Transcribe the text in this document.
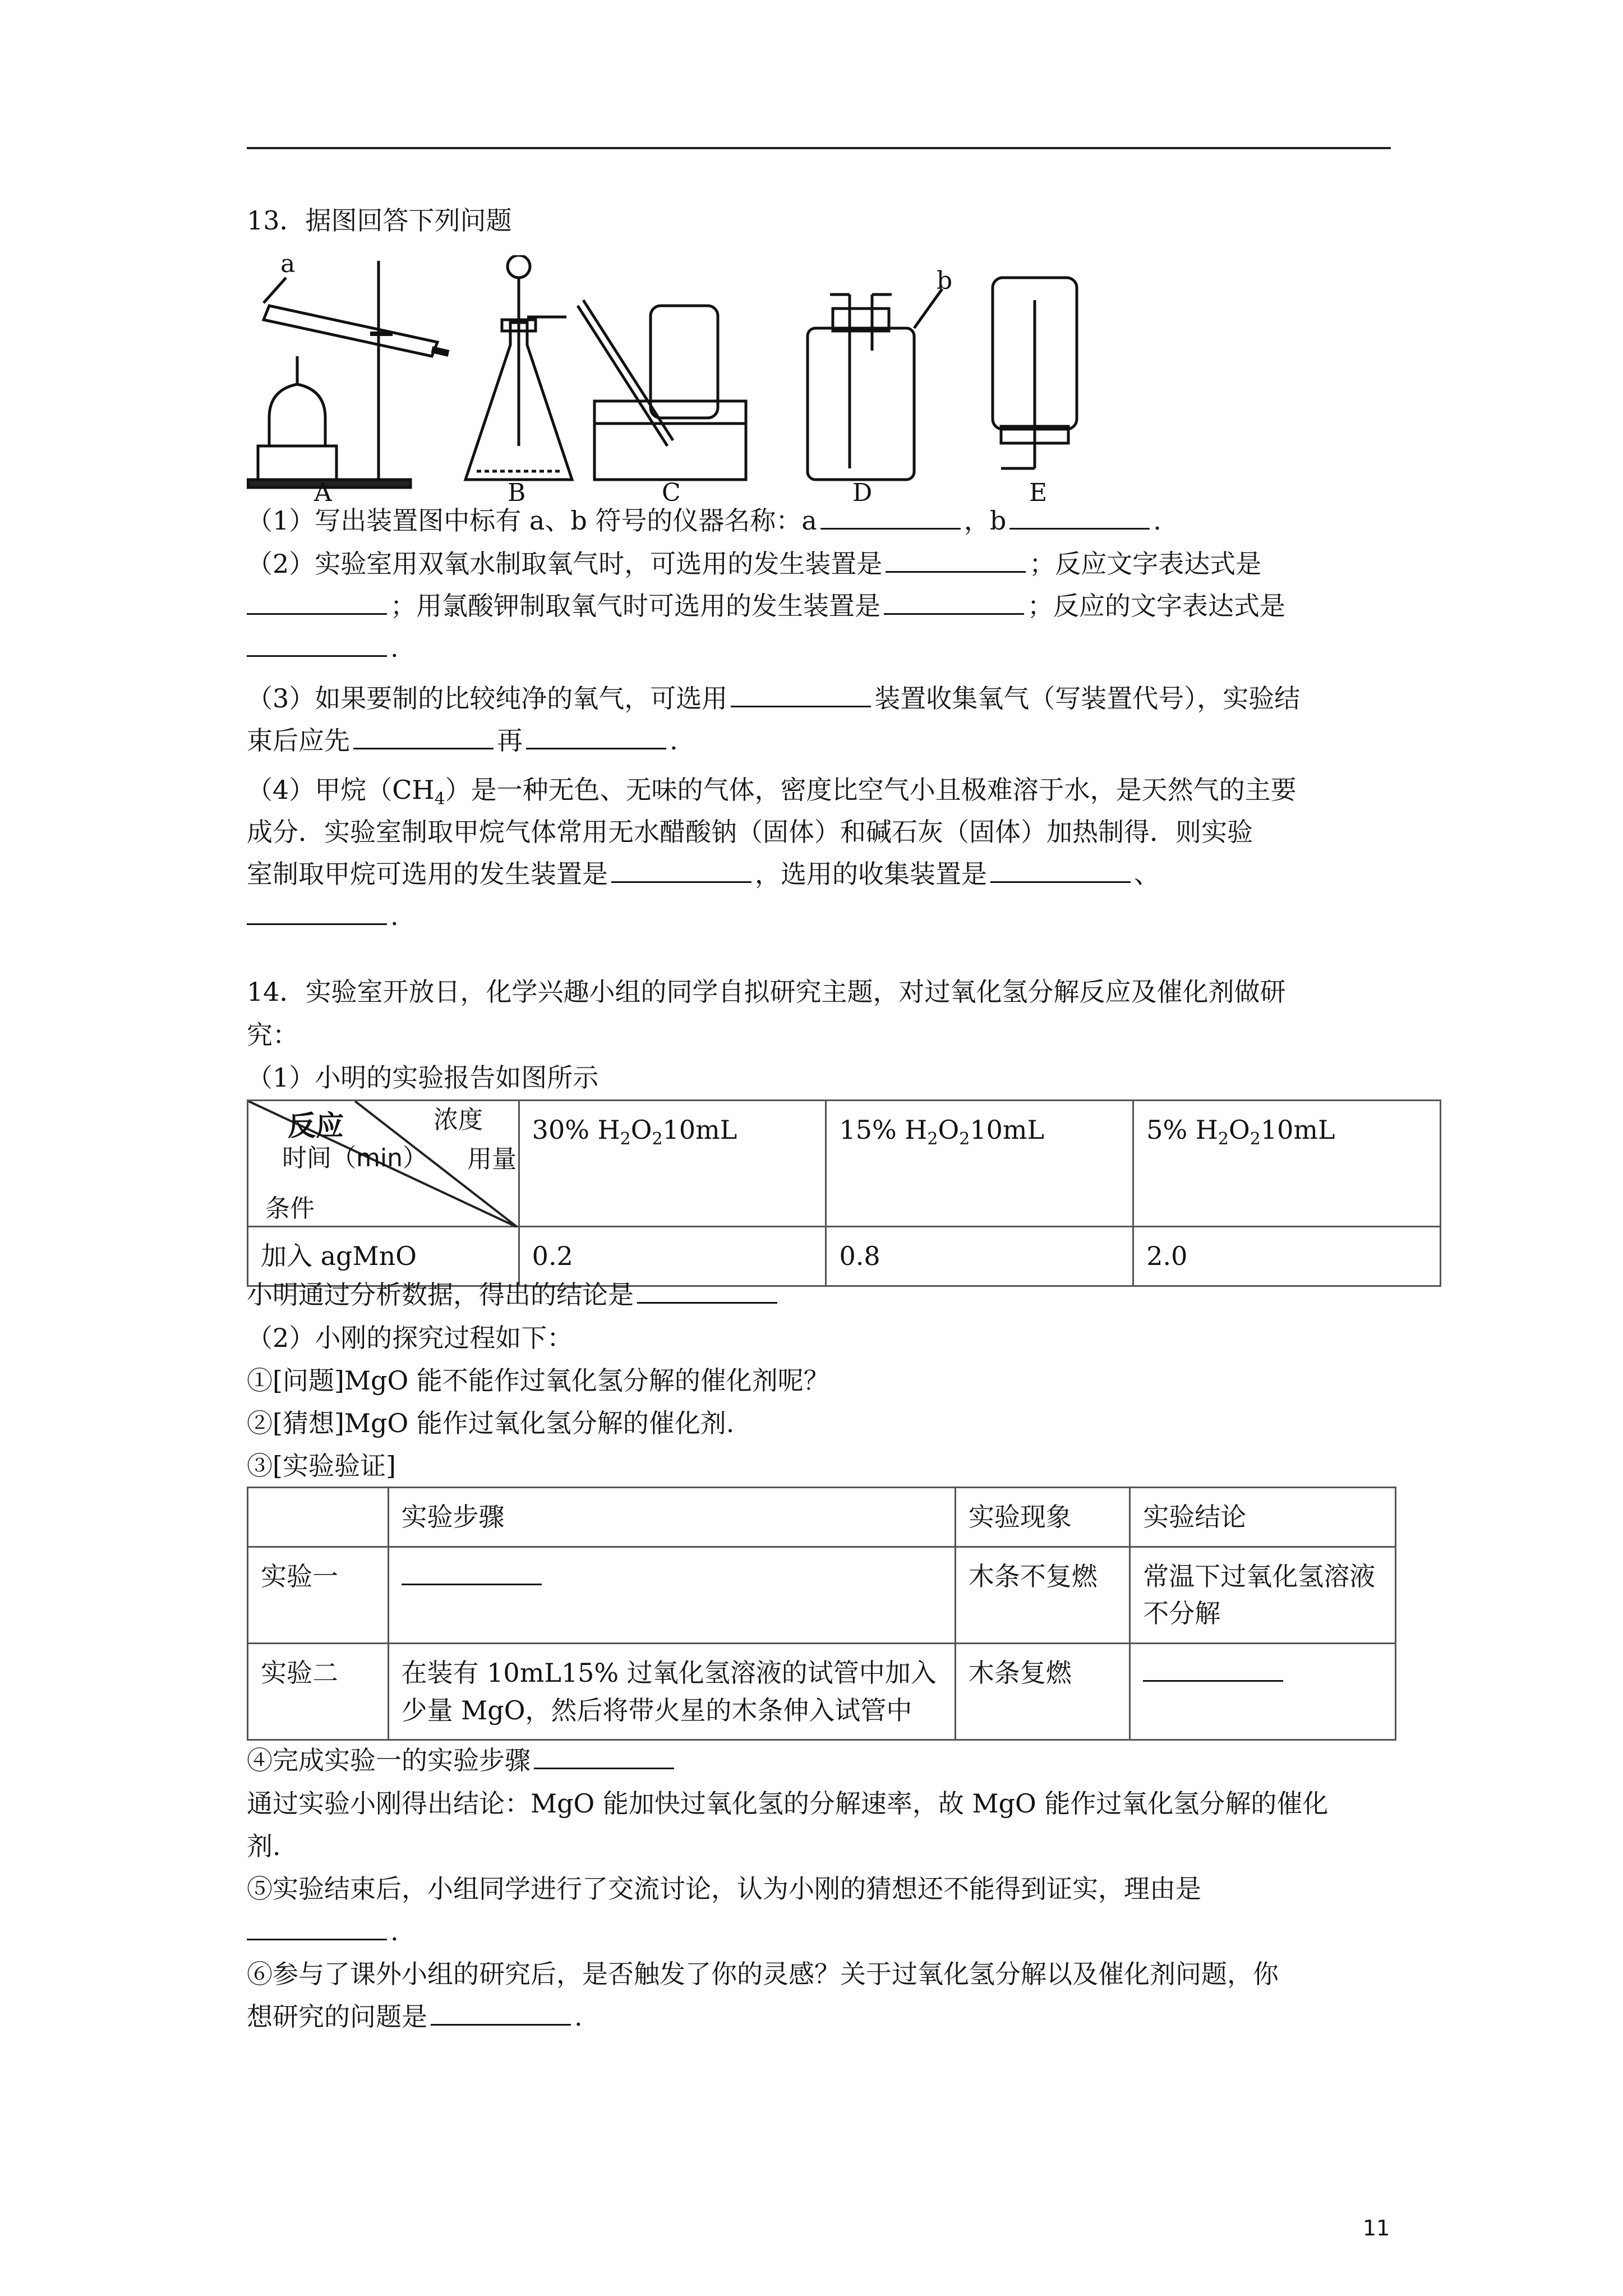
13．据图回答下列问题
a
b
A	B	C	D	E
（1）写出装置图中标有 a、b 符号的仪器名称：a	，b	.
（2）实验室用双氧水制取氧气时，可选用的发生装置是	；反应文字表达式是
；用氯酸钾制取氧气时可选用的发生装置是	；反应的文字表达式是
.
（3）如果要制的比较纯净的氧气，可选用	装置收集氧气（写装置代号），实验结
束后应先	再	.
（4）甲烷$(CH_4)$是一种无色、无味的气体，密度比空气小且极难溶于水，是天然气的主要
成分．实验室制取甲烷气体常用无水醋酸钠（固体）和碱石灰（固体）加热制得．则实验
室制取甲烷可选用的发生装置是	，选用的收集装置是	、
.
14．实验室开放日，化学兴趣小组的同学自拟研究主题，对过氧化氢分解反应及催化剂做研
究：
（1）小明的实验报告如图所示
反应
时间（min）
浓度
用量
条件	30% $H_2O_210mL$	15% $H_2O_210mL$	5% $H_2O_210mL$
加入 agMnO	0.2	0.8	2.0
小明通过分析数据，得出的结论是
（2）小刚的探究过程如下：
①[问题]MgO 能不能作过氧化氢分解的催化剂呢？
②[猜想]MgO 能作过氧化氢分解的催化剂.
③[实验验证]
	实验步骤	实验现象	实验结论
实验一		木条不复燃	常温下过氧化氢溶液不分解
实验二	在装有 10mL15% 过氧化氢溶液的试管中加入少量 MgO，然后将带火星的木条伸入试管中	木条复燃	
④完成实验一的实验步骤
通过实验小刚得出结论：MgO 能加快过氧化氢的分解速率，故 MgO 能作过氧化氢分解的催化
剂.
⑤实验结束后，小组同学进行了交流讨论，认为小刚的猜想还不能得到证实，理由是
.
⑥参与了课外小组的研究后，是否触发了你的灵感？关于过氧化氢分解以及催化剂问题，你
想研究的问题是	.
11
